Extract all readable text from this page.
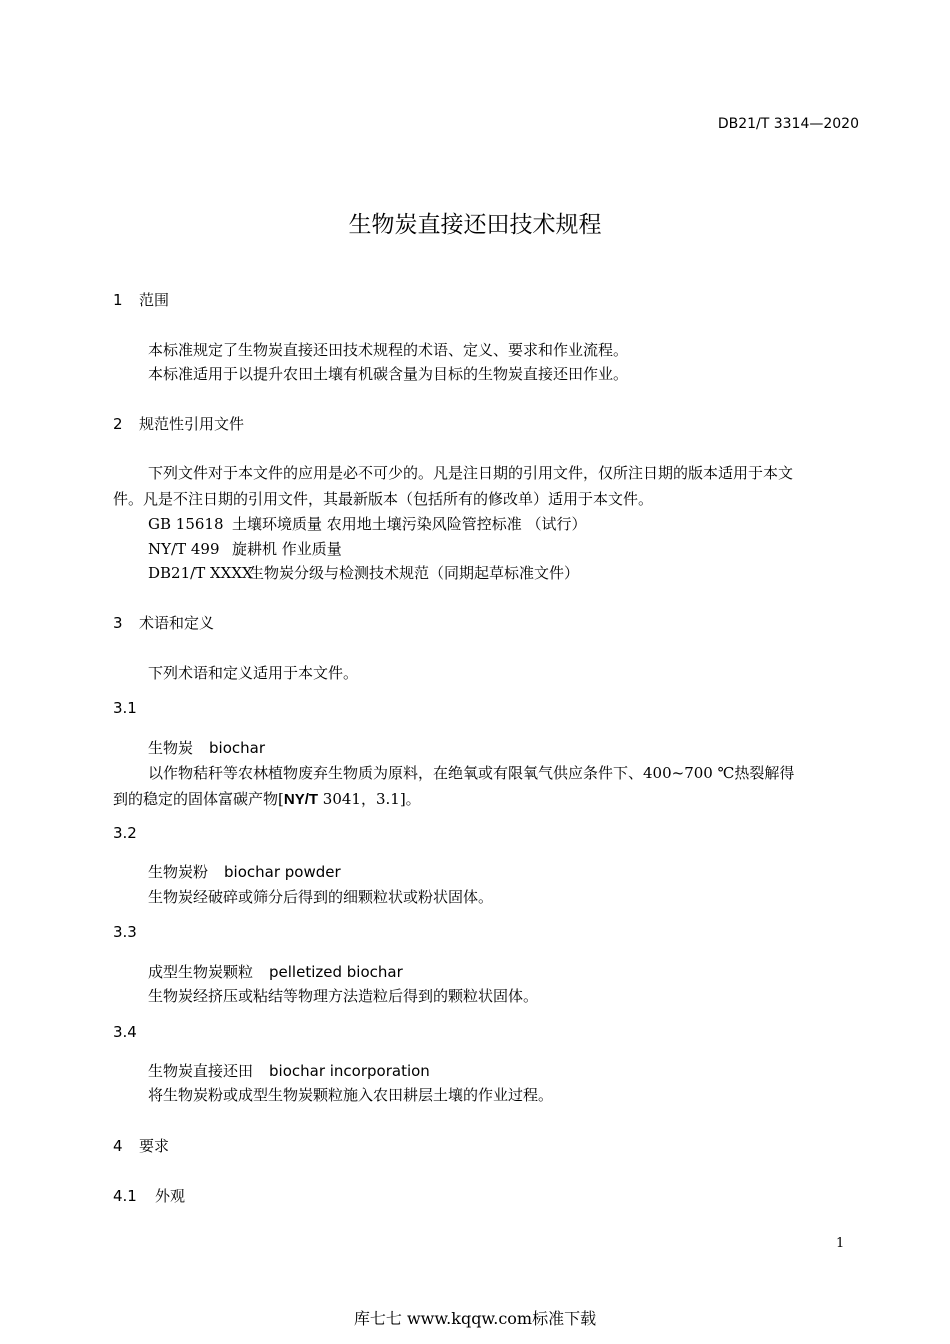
DB21/T 3314—2020
生物炭直接还田技术规程
1 范围
本标准规定了生物炭直接还田技术规程的术语、定义、要求和作业流程。
本标准适用于以提升农田土壤有机碳含量为目标的生物炭直接还田作业。
2 规范性引用文件
下列文件对于本文件的应用是必不可少的。凡是注日期的引用文件，仅所注日期的版本适用于本文
件。凡是不注日期的引用文件，其最新版本（包括所有的修改单）适用于本文件。
GB 15618 土壤环境质量 农用地土壤污染风险管控标准 （试行）
NY/T 499 旋耕机 作业质量
DB21/T XXXX生物炭分级与检测技术规范（同期起草标准文件）
3 术语和定义
下列术语和定义适用于本文件。
3.1
生物炭 biochar
以作物秸秆等农林植物废弃生物质为原料，在绝氧或有限氧气供应条件下、400~700 ℃热裂解得
到的稳定的固体富碳产物[NY/T 3041，3.1]。
3.2
生物炭粉 biochar powder
生物炭经破碎或筛分后得到的细颗粒状或粉状固体。
3.3
成型生物炭颗粒 pelletized biochar
生物炭经挤压或粘结等物理方法造粒后得到的颗粒状固体。
3.4
生物炭直接还田 biochar incorporation
将生物炭粉或成型生物炭颗粒施入农田耕层土壤的作业过程。
4 要求
4.1 外观
1
库七七 www.kqqw.com标准下载
